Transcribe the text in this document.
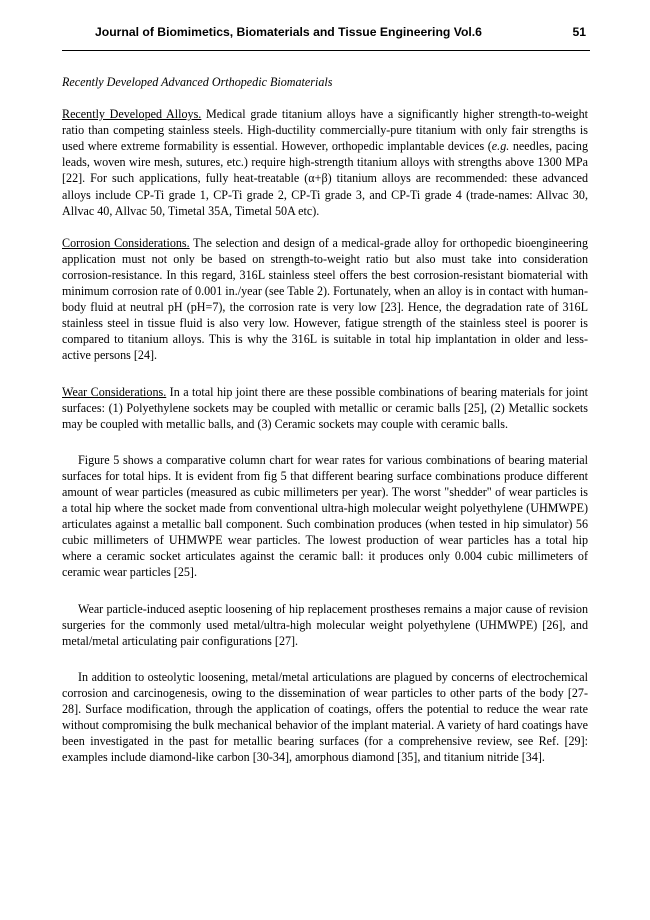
Journal of Biomimetics, Biomaterials and Tissue Engineering Vol.6	51

Recently Developed Advanced Orthopedic Biomaterials

Recently Developed Alloys. Medical grade titanium alloys have a significantly higher strength-to-weight ratio than competing stainless steels. High-ductility commercially-pure titanium with only fair strengths is used where extreme formability is essential. However, orthopedic implantable devices (e.g. needles, pacing leads, woven wire mesh, sutures, etc.) require high-strength titanium alloys with strengths above 1300 MPa [22]. For such applications, fully heat-treatable (α+β) titanium alloys are recommended: these advanced alloys include CP-Ti grade 1, CP-Ti grade 2, CP-Ti grade 3, and CP-Ti grade 4 (trade-names: Allvac 30, Allvac 40, Allvac 50, Timetal 35A, Timetal 50A etc).

Corrosion Considerations. The selection and design of a medical-grade alloy for orthopedic bioengineering application must not only be based on strength-to-weight ratio but also must take into consideration corrosion-resistance. In this regard, 316L stainless steel offers the best corrosion-resistant biomaterial with minimum corrosion rate of 0.001 in./year (see Table 2). Fortunately, when an alloy is in contact with human-body fluid at neutral pH (pH=7), the corrosion rate is very low [23]. Hence, the degradation rate of 316L stainless steel in tissue fluid is also very low. However, fatigue strength of the stainless steel is poorer is compared to titanium alloys. This is why the 316L is suitable in total hip implantation in older and less-active persons [24].

Wear Considerations. In a total hip joint there are these possible combinations of bearing materials for joint surfaces: (1) Polyethylene sockets may be coupled with metallic or ceramic balls [25], (2) Metallic sockets may be coupled with metallic balls, and (3) Ceramic sockets may couple with ceramic balls.

Figure 5 shows a comparative column chart for wear rates for various combinations of bearing material surfaces for total hips. It is evident from fig 5 that different bearing surface combinations produce different amount of wear particles (measured as cubic millimeters per year). The worst "shedder" of wear particles is a total hip where the socket made from conventional ultra-high molecular weight polyethylene (UHMWPE) articulates against a metallic ball component. Such combination produces (when tested in hip simulator) 56 cubic millimeters of UHMWPE wear particles. The lowest production of wear particles has a total hip where a ceramic socket articulates against the ceramic ball: it produces only 0.004 cubic millimeters of ceramic wear particles [25].

Wear particle-induced aseptic loosening of hip replacement prostheses remains a major cause of revision surgeries for the commonly used metal/ultra-high molecular weight polyethylene (UHMWPE) [26], and metal/metal articulating pair configurations [27].

In addition to osteolytic loosening, metal/metal articulations are plagued by concerns of electrochemical corrosion and carcinogenesis, owing to the dissemination of wear particles to other parts of the body [27-28]. Surface modification, through the application of coatings, offers the potential to reduce the wear rate without compromising the bulk mechanical behavior of the implant material. A variety of hard coatings have been investigated in the past for metallic bearing surfaces (for a comprehensive review, see Ref. [29]: examples include diamond-like carbon [30-34], amorphous diamond [35], and titanium nitride [34].
